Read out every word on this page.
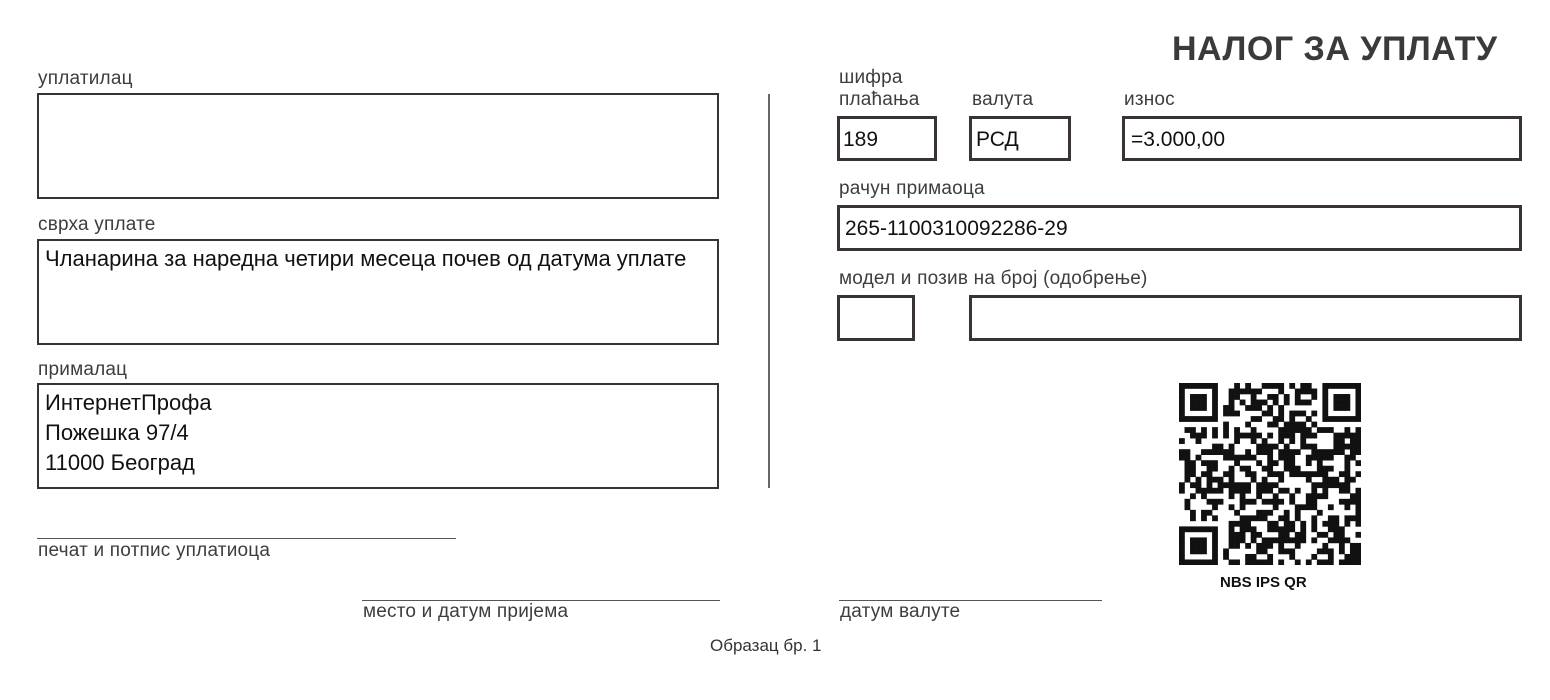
НАЛОГ ЗА УПЛАТУ
уплатилац
сврха уплате
Чланарина за наредна четири месеца почев од датума уплате
прималац
ИнтернетПрофа
Пожешка 97/4
11000 Београд
печат и потпис уплатиоца
шифра
плаћања	валута	износ
189	РСД	=3.000,00
рачун примаоца
265-1100310092286-29
модел и позив на број (одобрење)
NBS IPS QR
место и датум пријема	датум валуте
Образац бр. 1
